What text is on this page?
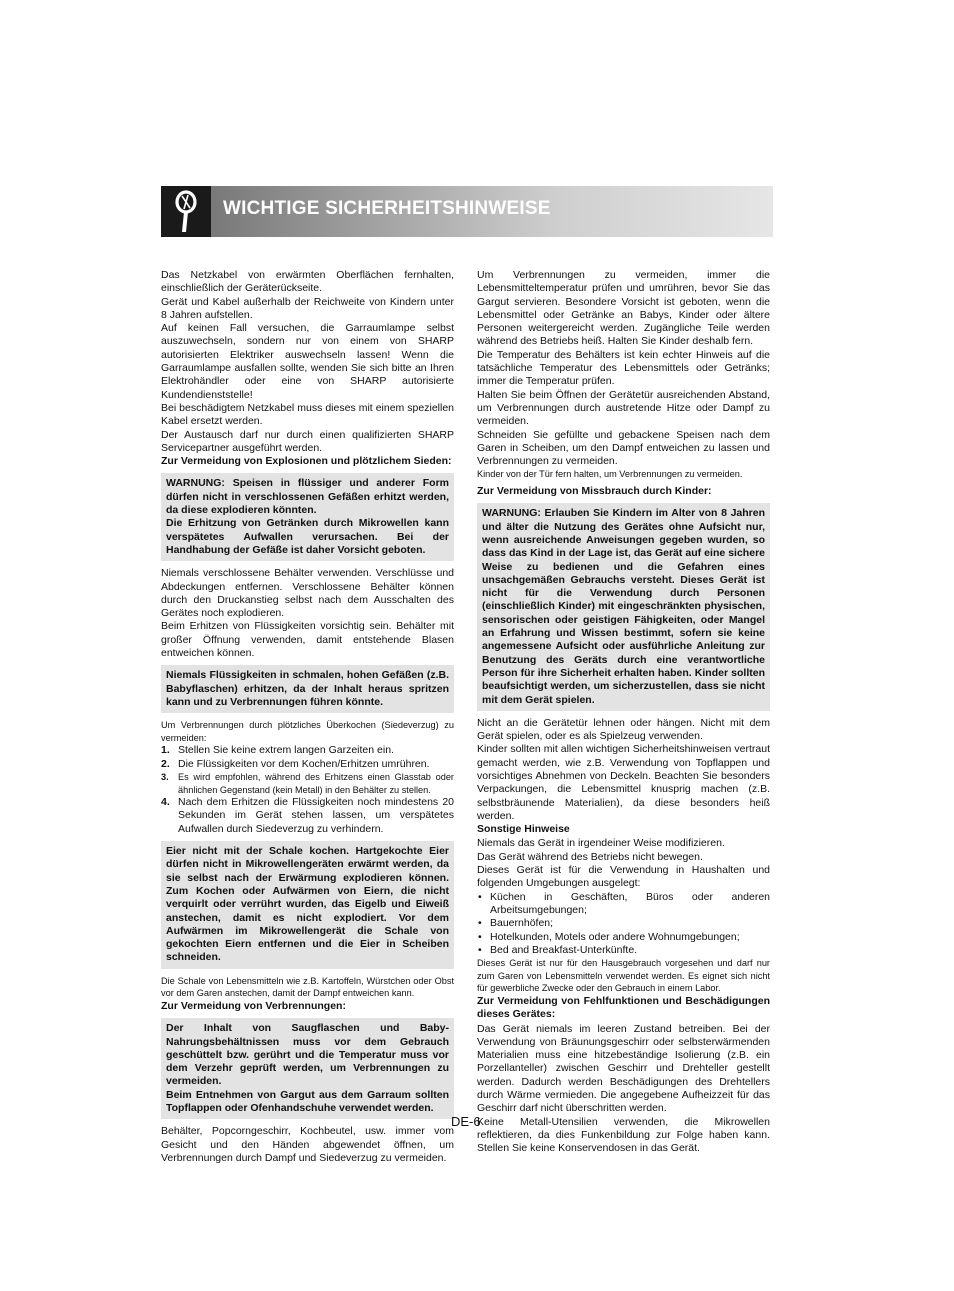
WICHTIGE SICHERHEITSHINWEISE

Das Netzkabel von erwärmten Oberflächen fernhalten, einschließlich der Geräterückseite.

Gerät und Kabel außerhalb der Reichweite von Kindern unter 8 Jahren aufstellen.

Auf keinen Fall versuchen, die Garraumlampe selbst auszuwechseln, sondern nur von einem von SHARP autorisierten Elektriker auswechseln lassen! Wenn die Garraumlampe ausfallen sollte, wenden Sie sich bitte an Ihren Elektrohändler oder eine von SHARP autorisierte Kundendienststelle!

Bei beschädigtem Netzkabel muss dieses mit einem speziellen Kabel ersetzt werden.

Der Austausch darf nur durch einen qualifizierten SHARP Servicepartner ausgeführt werden.

Zur Vermeidung von Explosionen und plötzlichem Sieden:

WARNUNG: Speisen in flüssiger und anderer Form dürfen nicht in verschlossenen Gefäßen erhitzt werden, da diese explodieren könnten.

Die Erhitzung von Getränken durch Mikrowellen kann verspätetes Aufwallen verursachen. Bei der Handhabung der Gefäße ist daher Vorsicht geboten.

Niemals verschlossene Behälter verwenden. Verschlüsse und Abdeckungen entfernen. Verschlossene Behälter können durch den Druckanstieg selbst nach dem Ausschalten des Gerätes noch explodieren.

Beim Erhitzen von Flüssigkeiten vorsichtig sein. Behälter mit großer Öffnung verwenden, damit entstehende Blasen entweichen können.

Niemals Flüssigkeiten in schmalen, hohen Gefäßen (z.B. Babyflaschen) erhitzen, da der Inhalt heraus spritzen kann und zu Verbrennungen führen könnte.

Um Verbrennungen durch plötzliches Überkochen (Siedeverzug) zu vermeiden:

1. Stellen Sie keine extrem langen Garzeiten ein.

2. Die Flüssigkeiten vor dem Kochen/Erhitzen umrühren.

3. Es wird empfohlen, während des Erhitzens einen Glasstab oder ähnlichen Gegenstand (kein Metall) in den Behälter zu stellen.

4. Nach dem Erhitzen die Flüssigkeiten noch mindestens 20 Sekunden im Gerät stehen lassen, um verspätetes Aufwallen durch Siedeverzug zu verhindern.

Eier nicht mit der Schale kochen. Hartgekochte Eier dürfen nicht in Mikrowellengeräten erwärmt werden, da sie selbst nach der Erwärmung explodieren können. Zum Kochen oder Aufwärmen von Eiern, die nicht verquirlt oder verrührt wurden, das Eigelb und Eiweiß anstechen, damit es nicht explodiert. Vor dem Aufwärmen im Mikrowellengerät die Schale von gekochten Eiern entfernen und die Eier in Scheiben schneiden.

Die Schale von Lebensmitteln wie z.B. Kartoffeln, Würstchen oder Obst vor dem Garen anstechen, damit der Dampf entweichen kann.

Zur Vermeidung von Verbrennungen:

Der Inhalt von Saugflaschen und Baby-Nahrungsbehältnissen muss vor dem Gebrauch geschüttelt bzw. gerührt und die Temperatur muss vor dem Verzehr geprüft werden, um Verbrennungen zu vermeiden.

Beim Entnehmen von Gargut aus dem Garraum sollten Topflappen oder Ofenhandschuhe verwendet werden.

Behälter, Popcorngeschirr, Kochbeutel, usw. immer vom Gesicht und den Händen abgewendet öffnen, um Verbrennungen durch Dampf und Siedeverzug zu vermeiden.

Um Verbrennungen zu vermeiden, immer die Lebensmitteltemperatur prüfen und umrühren, bevor Sie das Gargut servieren. Besondere Vorsicht ist geboten, wenn die Lebensmittel oder Getränke an Babys, Kinder oder ältere Personen weitergereicht werden. Zugängliche Teile werden während des Betriebs heiß. Halten Sie Kinder deshalb fern.

Die Temperatur des Behälters ist kein echter Hinweis auf die tatsächliche Temperatur des Lebensmittels oder Getränks; immer die Temperatur prüfen.

Halten Sie beim Öffnen der Gerätetür ausreichenden Abstand, um Verbrennungen durch austretende Hitze oder Dampf zu vermeiden.

Schneiden Sie gefüllte und gebackene Speisen nach dem Garen in Scheiben, um den Dampf entweichen zu lassen und Verbrennungen zu vermeiden.

Kinder von der Tür fern halten, um Verbrennungen zu vermeiden.

Zur Vermeidung von Missbrauch durch Kinder:

WARNUNG: Erlauben Sie Kindern im Alter von 8 Jahren und älter die Nutzung des Gerätes ohne Aufsicht nur, wenn ausreichende Anweisungen gegeben wurden, so dass das Kind in der Lage ist, das Gerät auf eine sichere Weise zu bedienen und die Gefahren eines unsachgemäßen Gebrauchs versteht. Dieses Gerät ist nicht für die Verwendung durch Personen (einschließlich Kinder) mit eingeschränkten physischen, sensorischen oder geistigen Fähigkeiten, oder Mangel an Erfahrung und Wissen bestimmt, sofern sie keine angemessene Aufsicht oder ausführliche Anleitung zur Benutzung des Geräts durch eine verantwortliche Person für ihre Sicherheit erhalten haben. Kinder sollten beaufsichtigt werden, um sicherzustellen, dass sie nicht mit dem Gerät spielen.

Nicht an die Gerätetür lehnen oder hängen. Nicht mit dem Gerät spielen, oder es als Spielzeug verwenden.

Kinder sollten mit allen wichtigen Sicherheitshinweisen vertraut gemacht werden, wie z.B. Verwendung von Topflappen und vorsichtiges Abnehmen von Deckeln. Beachten Sie besonders Verpackungen, die Lebensmittel knusprig machen (z.B. selbstbräunende Materialien), da diese besonders heiß werden.

Sonstige Hinweise

Niemals das Gerät in irgendeiner Weise modifizieren.

Das Gerät während des Betriebs nicht bewegen.

Dieses Gerät ist für die Verwendung in Haushalten und folgenden Umgebungen ausgelegt:

• Küchen in Geschäften, Büros oder anderen Arbeitsumgebungen;

• Bauernhöfen;

• Hotelkunden, Motels oder andere Wohnumgebungen;

• Bed and Breakfast-Unterkünfte.

Dieses Gerät ist nur für den Hausgebrauch vorgesehen und darf nur zum Garen von Lebensmitteln verwendet werden. Es eignet sich nicht für gewerbliche Zwecke oder den Gebrauch in einem Labor.

Zur Vermeidung von Fehlfunktionen und Beschädigungen dieses Gerätes:

Das Gerät niemals im leeren Zustand betreiben. Bei der Verwendung von Bräunungsgeschirr oder selbsterwärmenden Materialien muss eine hitzebeständige Isolierung (z.B. ein Porzellanteller) zwischen Geschirr und Drehteller gestellt werden. Dadurch werden Beschädigungen des Drehtellers durch Wärme vermieden. Die angegebene Aufheizzeit für das Geschirr darf nicht überschritten werden.

Keine Metall-Utensilien verwenden, die Mikrowellen reflektieren, da dies Funkenbildung zur Folge haben kann. Stellen Sie keine Konservendosen in das Gerät.

DE-6
